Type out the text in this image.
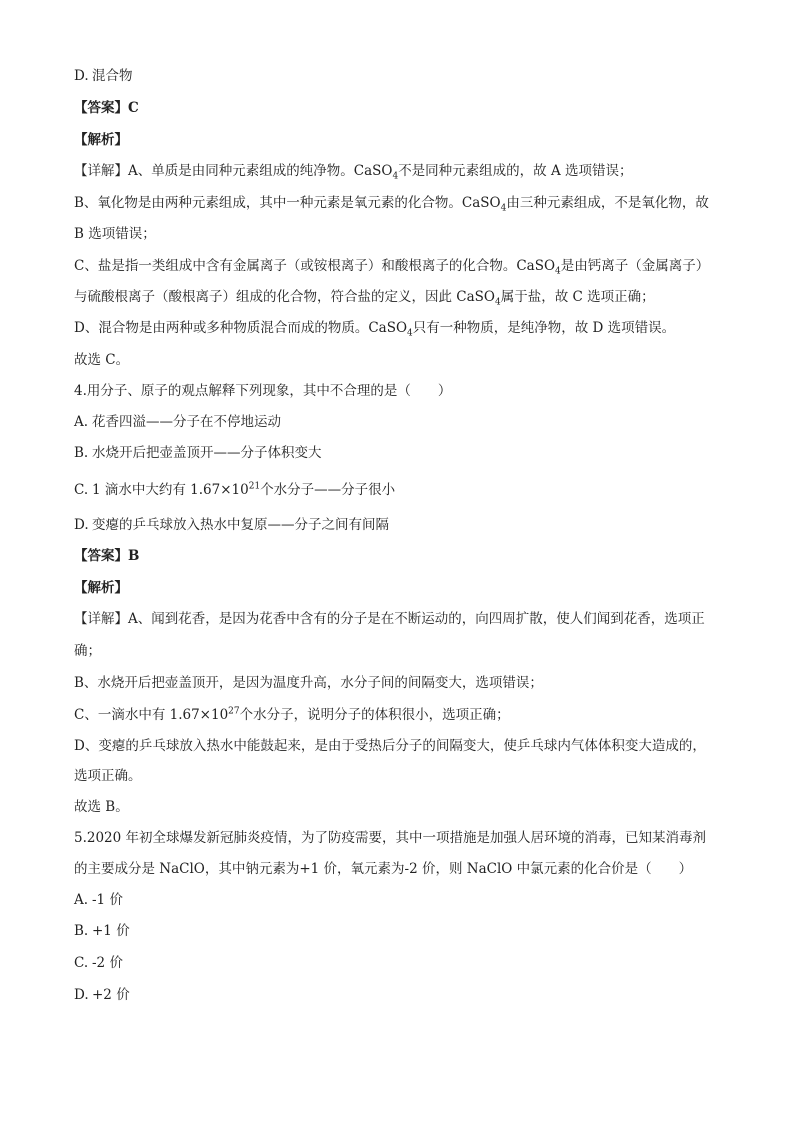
D. 混合物
【答案】C
【解析】
【详解】A、单质是由同种元素组成的纯净物。CaSO$_4$不是同种元素组成的，故 A 选项错误；
B、氧化物是由两种元素组成，其中一种元素是氧元素的化合物。CaSO$_4$由三种元素组成，不是氧化物，故
B 选项错误；
C、盐是指一类组成中含有金属离子（或铵根离子）和酸根离子的化合物。CaSO$_4$是由钙离子（金属离子）
与硫酸根离子（酸根离子）组成的化合物，符合盐的定义，因此 CaSO$_4$属于盐，故 C 选项正确；
D、混合物是由两种或多种物质混合而成的物质。CaSO$_4$只有一种物质，是纯净物，故 D 选项错误。
故选 C。
4.用分子、原子的观点解释下列现象，其中不合理的是（　　）
A. 花香四溢——分子在不停地运动
B. 水烧开后把壶盖顶开——分子体积变大
C. 1 滴水中大约有 $1.67\times 10^{21}$个水分子——分子很小
D. 变瘪的乒乓球放入热水中复原——分子之间有间隔
【答案】B
【解析】
【详解】A、闻到花香，是因为花香中含有的分子是在不断运动的，向四周扩散，使人们闻到花香，选项正
确；
B、水烧开后把壶盖顶开，是因为温度升高，水分子间的间隔变大，选项错误；
C、一滴水中有 $1.67\times 10^{27}$个水分子，说明分子的体积很小，选项正确；
D、变瘪的乒乓球放入热水中能鼓起来，是由于受热后分子的间隔变大，使乒乓球内气体体积变大造成的，
选项正确。
故选 B。
5.2020 年初全球爆发新冠肺炎疫情，为了防疫需要，其中一项措施是加强人居环境的消毒，已知某消毒剂
的主要成分是 NaClO，其中钠元素为+1 价，氧元素为-2 价，则 NaClO 中氯元素的化合价是（　　）
A. -1 价
B. +1 价
C. -2 价
D. +2 价
